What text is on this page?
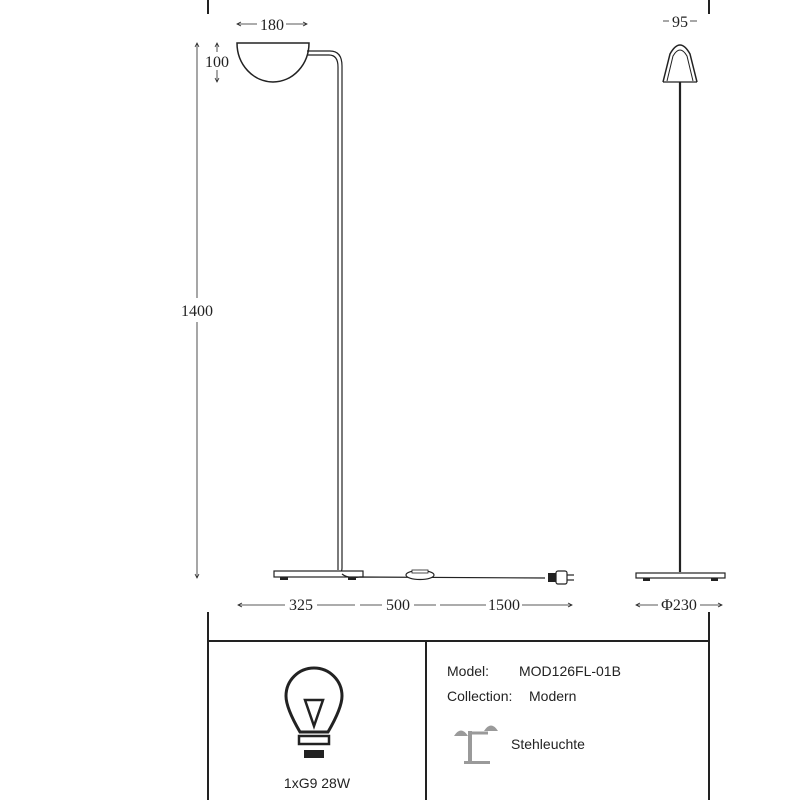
180
100
1400
325	500	1500
95
Φ230
1xG9 28W
Model: MOD126FL-01B
Collection: Modern
Stehleuchte
